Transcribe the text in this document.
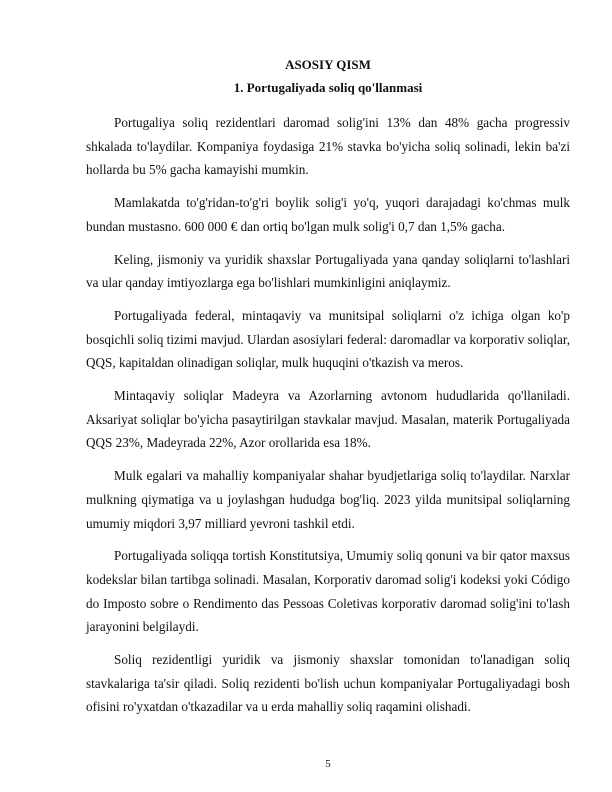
ASOSIY QISM
1. Portugaliyada soliq qo'llanmasi

Portugaliya soliq rezidentlari daromad solig'ini 13% dan 48% gacha progressiv shkalada to'laydilar. Kompaniya foydasiga 21% stavka bo'yicha soliq solinadi, lekin ba'zi hollarda bu 5% gacha kamayishi mumkin.

Mamlakatda to'g'ridan-to'g'ri boylik solig'i yo'q, yuqori darajadagi ko'chmas mulk bundan mustasno. 600 000 € dan ortiq bo'lgan mulk solig'i 0,7 dan 1,5% gacha.

Keling, jismoniy va yuridik shaxslar Portugaliyada yana qanday soliqlarni to'lashlari va ular qanday imtiyozlarga ega bo'lishlari mumkinligini aniqlaymiz.

Portugaliyada federal, mintaqaviy va munitsipal soliqlarni o'z ichiga olgan ko'p bosqichli soliq tizimi mavjud. Ulardan asosiylari federal: daromadlar va korporativ soliqlar, QQS, kapitaldan olinadigan soliqlar, mulk huquqini o'tkazish va meros.

Mintaqaviy soliqlar Madeyra va Azorlarning avtonom hududlarida qo'llaniladi. Aksariyat soliqlar bo'yicha pasaytirilgan stavkalar mavjud. Masalan, materik Portugaliyada QQS 23%, Madeyrada 22%, Azor orollarida esa 18%.

Mulk egalari va mahalliy kompaniyalar shahar byudjetlariga soliq to'laydilar. Narxlar mulkning qiymatiga va u joylashgan hududga bog'liq. 2023 yilda munitsipal soliqlarning umumiy miqdori 3,97 milliard yevroni tashkil etdi.

Portugaliyada soliqqa tortish Konstitutsiya, Umumiy soliq qonuni va bir qator maxsus kodekslar bilan tartibga solinadi. Masalan, Korporativ daromad solig'i kodeksi yoki Código do Imposto sobre o Rendimento das Pessoas Coletivas korporativ daromad solig'ini to'lash jarayonini belgilaydi.

Soliq rezidentligi yuridik va jismoniy shaxslar tomonidan to'lanadigan soliq stavkalariga ta'sir qiladi. Soliq rezidenti bo'lish uchun kompaniyalar Portugaliyadagi bosh ofisini ro'yxatdan o'tkazadilar va u erda mahalliy soliq raqamini olishadi.

5
